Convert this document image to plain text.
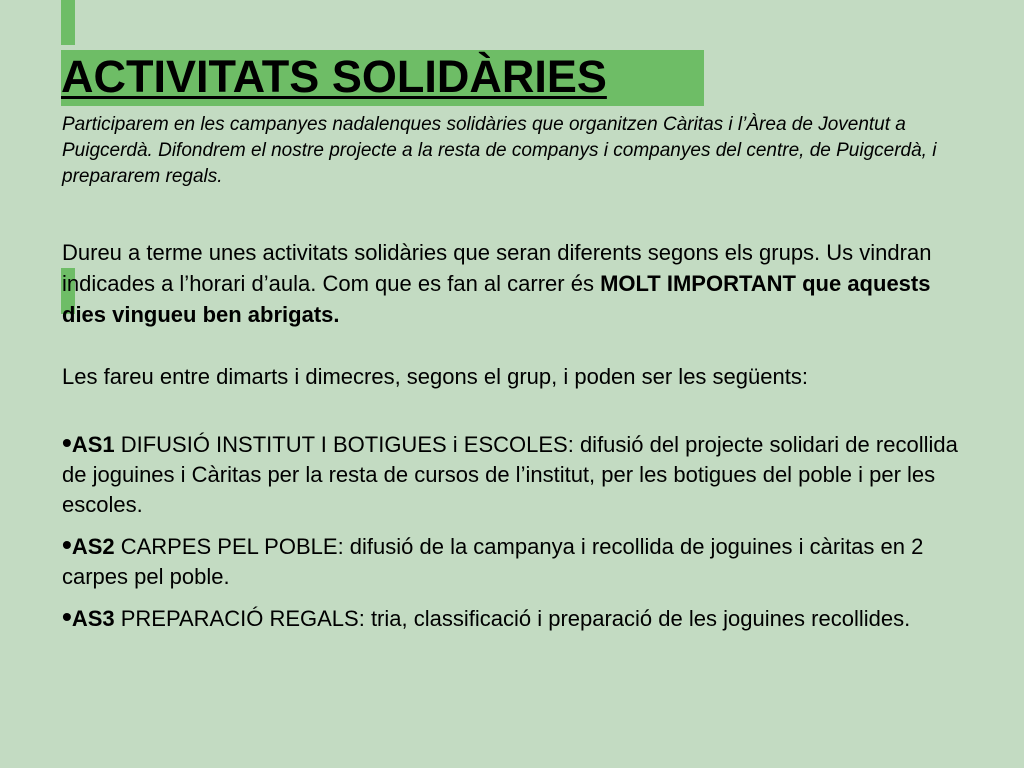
ACTIVITATS SOLIDÀRIES

Participarem en les campanyes nadalenques solidàries que organitzen Càritas i l’Àrea de Joventut a Puigcerdà. Difondrem el nostre projecte a la resta de companys i companyes del centre, de Puigcerdà, i prepararem regals.

Dureu a terme unes activitats solidàries que seran diferents segons els grups. Us vindran indicades a l’horari d’aula. Com que es fan al carrer és MOLT IMPORTANT que aquests dies vingueu ben abrigats.

Les fareu entre dimarts i dimecres, segons el grup, i poden ser les següents:

•AS1 DIFUSIÓ INSTITUT I BOTIGUES i ESCOLES: difusió del projecte solidari de recollida de joguines i Càritas per la resta de cursos de l’institut, per les botigues del poble i per les escoles.
•AS2 CARPES PEL POBLE: difusió de la campanya i recollida de joguines i càritas en 2 carpes pel poble.
•AS3 PREPARACIÓ REGALS: tria, classificació i preparació de les joguines recollides.
